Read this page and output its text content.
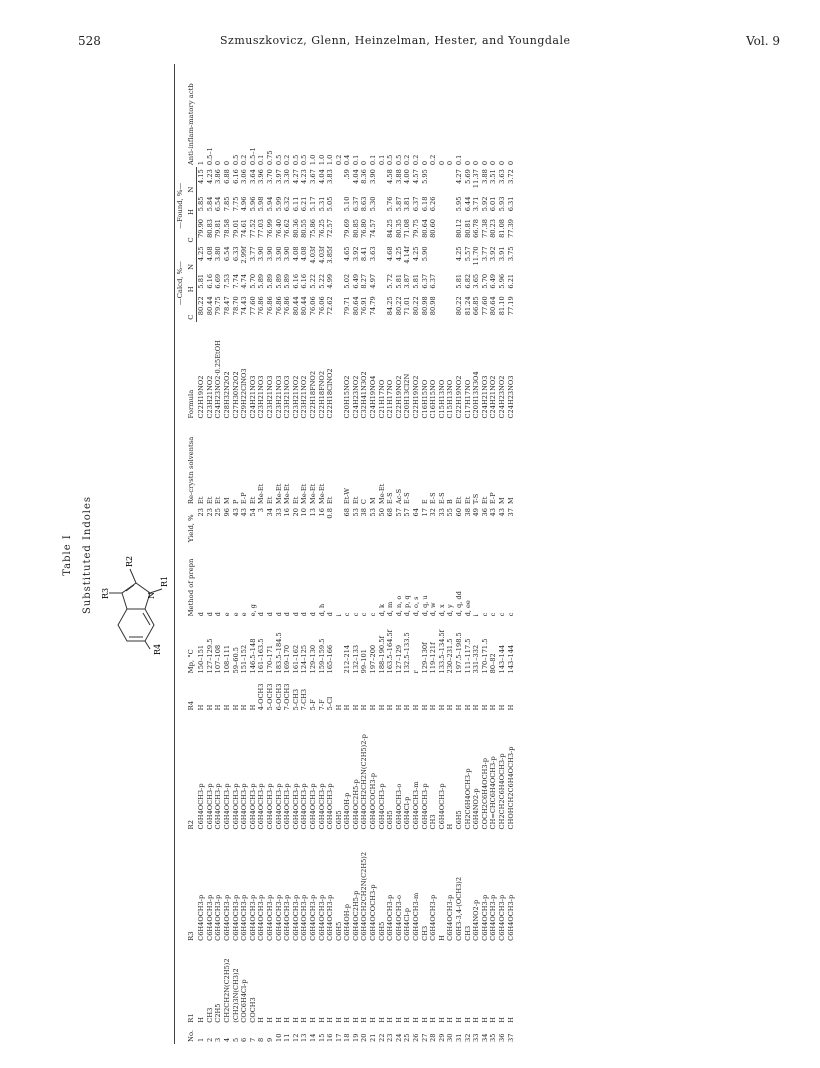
528	Szmuszkovicz, Glenn, Heinzelman, Hester, and Youngdale	Vol. 9
Table I Substituted Indoles R3
R2
N
R1
R4
No.	R1	R3	R2	R4	Mp, °C	Method of prepn	Yield, %	Re-crystn solventsa	Formula	—Calcd, %—			—Found, %—			Anti-inflam-matory actb
										C	H	N	C	H	N	
1	H	C6H4OCH3-p	C6H4OCH3-p	H	150–151	d	23	Et	C22H19NO2	80.22	5.81	4.25	79.90	5.85	4.15	1
2	CH3	C6H4OCH3-p	C6H4OCH3-p	H	127–129.5	d	23	Et	C23H21NO2	80.44	6.16	4.08	80.83	5.84	4.23	0.5–1
3	C2H5	C6H4OCH3-p	C6H4OCH3-p	H	107–108	d	25	Et	C24H23NO2·0.25EtOH	79.75	6.69	3.80	79.81	6.54	3.86	0
4	CH2CH2N(C2H5)2	C6H4OCH3-p	C6H4OCH3-p	H	108–111	e	96	M	C28H32N2O2	78.47	7.53	6.54	78.58	7.85	6.88	0
5	(CH2)3N(CH3)2	C6H4OCH3-p	C6H4OCH3-p	H	59–60.5	e	43	P	C27H30N2O2	78.70	7.74	6.33	79.01	7.75	6.16	0.5
6	COC6H4Cl-p	C6H4OCH3-p	C6H4OCH3-p	H	151–152	e	43	E-P	C29H22ClNO3	74.43	4.74	2.99f	74.61	4.96	3.06	0.2
7	COCH3	C6H4OCH3-p	C6H4OCH3-p	H	146.5–148	e, g	54	Et	C24H21NO3	77.60	5.70	3.77	77.52	5.96	3.64	0.5–1
8	H	C6H4OCH3-p	C6H4OCH3-p	4-OCH3	161–163.5	d	3	Me-Et	C23H21NO3	76.86	5.89	3.90	77.03	5.98	3.96	0.1
9	H	C6H4OCH3-p	C6H4OCH3-p	5-OCH3	170–171	d	34	Et	C23H21NO3	76.86	5.89	3.90	76.99	5.94	3.70	0.75
10	H	C6H4OCH3-p	C6H4OCH3-p	6-OCH3	183.5–184.5	d	33	Me-Et	C23H21NO3	76.86	5.89	3.90	76.40	5.99	3.97	0.5
11	H	C6H4OCH3-p	C6H4OCH3-p	7-OCH3	169–170	d	16	Me-Et	C23H21NO3	76.86	5.89	3.90	76.62	6.32	3.30	0.2
12	H	C6H4OCH3-p	C6H4OCH3-p	5-CH3	161–162	d	20	Et	C23H21NO2	80.44	6.16	4.08	80.36	6.11	4.27	0.5
13	H	C6H4OCH3-p	C6H4OCH3-p	7-CH3	124–125	d	10	Me-Et	C23H21NO2	80.44	6.16	4.08	80.55	6.21	4.23	0.5
14	H	C6H4OCH3-p	C6H4OCH3-p	5-F	129–130	d	13	Me-Et	C22H18FNO2	76.06	5.22	4.03f	75.86	5.17	3.67	1.0
15	H	C6H4OCH3-p	C6H4OCH3-p	7-F	159–159.5	d, h	16	Me-Et	C22H18FNO2	76.06	5.22	4.03f	76.25	5.31	4.04	1.0
16	H	C6H4OCH3-p	C6H4OCH3-p	5-Cl	165–166	d	0.8	Et	C22H18ClNO2	72.62	4.99	3.85f	72.57	5.05	3.83	1.0
17	H	C6H5	C6H5	H		i										0.2
18	H	C6H4OH-p	C6H4OH-p	H	212–214	c	68	Et-W	C20H15NO2	79.71	5.02	4.65	79.69	5.10	.59	0.4
19	H	C6H4OC2H5-p	C6H4OC2H5-p	H	132–133	c	53	Et	C24H23NO2	80.64	6.49	3.92	80.85	6.37	4.04	0.1
20	H	C6H4OCH2CH2N(C2H5)2	C6H4OCH2CH2N(C2H5)2-p	H	99–101	c	38	C	C32H41N3O2	76.91	8.27	8.41	76.80	8.63	8.36	0
21	H	C6H4OCOCH3-p	C6H4OCOCH3-p	H	197–200	c	53	M	C24H19NO4	74.79	4.97	3.63	74.57	5.30	3.90	0.1
22	H	C6H5	C6H4OCH3-p	H	188–190.5f	d, k	50	Me-Et	C21H17NO							0.1
23	H	C6H4OCH3-p	C6H5	H	163.5–164.5f	d, m	68	E-S	C21H17NO	84.25	5.72	4.68	84.25	5.76	4.58	0.5
24	H	C6H4OCH3-o	C6H4OCH3-o	H	127–129	d, n, o	57	Ac-S	C22H19NO2	80.22	5.81	4.25	80.35	5.87	3.88	0.5
25	H	C6H4Cl-p	C6H4Cl-p	H	132.5–133.5	d, p, q	57	E-S	C20H13Cl2N	71.01	3.87	4.14f	71.08	3.81	4.00	0.2
26	H	C6H4OCH3-m	C6H4OCH3-m	H	r	d, o, s	64		C22H19NO2	80.22	5.81	4.25	79.75	6.37	4.57	0.2
27	H	CH3	C6H4OCH3-p	H	129–130f	d, q, u	17	E	C16H15NO	80.98	6.37	5.90	80.64	6.18	5.95	0
28	H	C6H4OCH3-p	CH3	H	119–121f	d, w	32	E-S	C16H15NO	80.98	6.37		80.60	6.26		0.2
29	H	H	C6H4OCH3-p	H	133.5–134.5f	d, x	33	E-S	C15H13NO							0
30	H	C6H4OCH3-p	H	H	230–231.5	d, y	55	B	C15H13NO							0
31	H	C6H3-3,4-(OCH3)2	C6H5	H	197.5–198.5	d, q, dd	60	Et	C22H19NO2	80.22	5.81	4.25	80.12	5.95	4.27	0.1
32	H	CH3	CH2C6H4OCH3-p	H	111–117.5	d, ee	38	Et	C17H17NO	81.24	6.82	5.57	80.81	6.44	5.69	0
33	H	C6H4NO2-p	C6H4NO2-p	H	331–332	i	49	T-S	C20H13N3O4	66.85	3.65	11.70	66.78	3.71	11.37	0
34	H	C6H4OCH3-p	COCH2C6H4OCH3-p	H	170–171.5	c	36	Et	C24H21NO3	77.60	5.70	3.77	77.38	5.92	3.88	0
35	H	C6H4OCH3-p	CH=CHC6H4OCH3-p	H	80–82	c	43	E-P	C24H21NO2	80.64	6.49	3.92	80.23	6.01	3.51	0
36	H	C6H4OCH3-p	CH2CH2C6H4OCH3-p	H	143–144	c	43	M	C24H23NO2	81.10	5.96	3.91	81.08	5.93	3.63	0
37	H	C6H4OCH3-p	CHOHCH2C6H4OCH3-p	H	143–144	c	37	M	C24H23NO3	77.19	6.21	3.75	77.39	6.31	3.72	0
